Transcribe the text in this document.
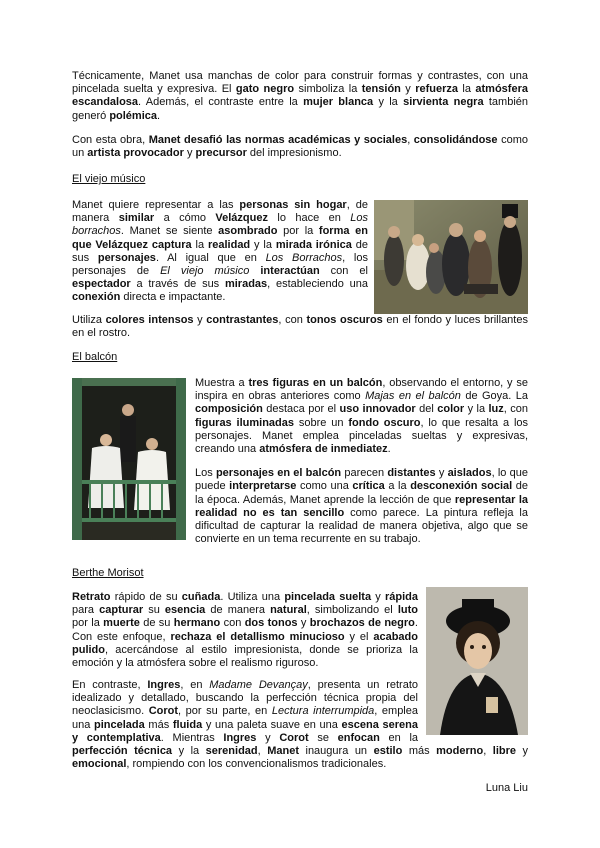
Técnicamente, Manet usa manchas de color para construir formas y contrastes, con una pincelada suelta y expresiva. El gato negro simboliza la tensión y refuerza la atmósfera escandalosa. Además, el contraste entre la mujer blanca y la sirvienta negra también generó polémica.

Con esta obra, Manet desafió las normas académicas y sociales, consolidándose como un artista provocador y precursor del impresionismo.

El viejo músico

Manet quiere representar a las personas sin hogar, de manera similar a cómo Velázquez lo hace en Los borrachos. Manet se siente asombrado por la forma en que Velázquez captura la realidad y la mirada irónica de sus personajes. Al igual que en Los Borrachos, los personajes de El viejo músico interactúan con el espectador a través de sus miradas, estableciendo una conexión directa e impactante.

Utiliza colores intensos y contrastantes, con tonos oscuros en el fondo y luces brillantes en el rostro.

El balcón

Muestra a tres figuras en un balcón, observando el entorno, y se inspira en obras anteriores como Majas en el balcón de Goya. La composición destaca por el uso innovador del color y la luz, con figuras iluminadas sobre un fondo oscuro, lo que resalta a los personajes. Manet emplea pinceladas sueltas y expresivas, creando una atmósfera de inmediatez.

Los personajes en el balcón parecen distantes y aislados, lo que puede interpretarse como una crítica a la desconexión social de la época. Además, Manet aprende la lección de que representar la realidad no es tan sencillo como parece. La pintura refleja la dificultad de capturar la realidad de manera objetiva, algo que se convierte en un tema recurrente en su trabajo.

Berthe Morisot

Retrato rápido de su cuñada. Utiliza una pincelada suelta y rápida para capturar su esencia de manera natural, simbolizando el luto por la muerte de su hermano con dos tonos y brochazos de negro. Con este enfoque, rechaza el detallismo minucioso y el acabado pulido, acercándose al estilo impresionista, donde se prioriza la emoción y la atmósfera sobre el realismo riguroso.

En contraste, Ingres, en Madame Devançay, presenta un retrato idealizado y detallado, buscando la perfección técnica propia del neoclasicismo. Corot, por su parte, en Lectura interrumpida, emplea una pincelada más fluida y una paleta suave en una escena serena y contemplativa. Mientras Ingres y Corot se enfocan en la perfección técnica y la serenidad, Manet inaugura un estilo más moderno, libre y emocional, rompiendo con los convencionalismos tradicionales.

Luna Liu
